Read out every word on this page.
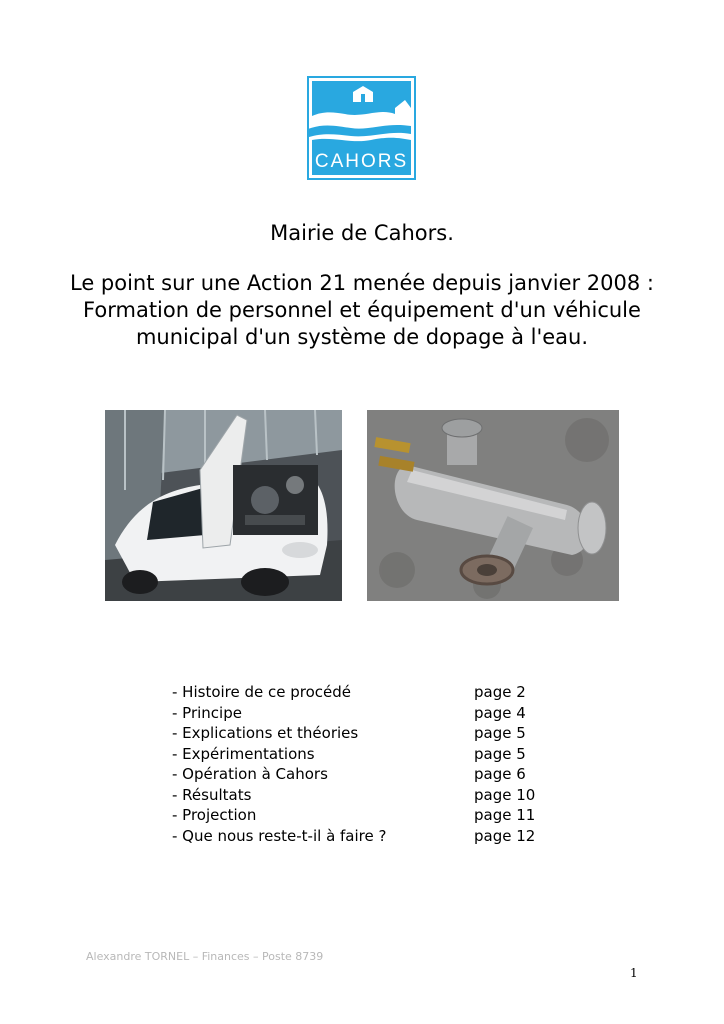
CAHORS
Mairie de Cahors.
Le point sur une Action 21 menée depuis janvier 2008 :
Formation de personnel et équipement d'un véhicule
municipal d'un système de dopage à l'eau.
- Histoire de ce procédé	page 2
- Principe	page 4
- Explications et théories	page 5
- Expérimentations	page 5
- Opération à Cahors	page 6
- Résultats	page 10
- Projection	page 11
- Que nous reste-t-il à faire ?	page 12
Alexandre TORNEL – Finances – Poste 8739
1
